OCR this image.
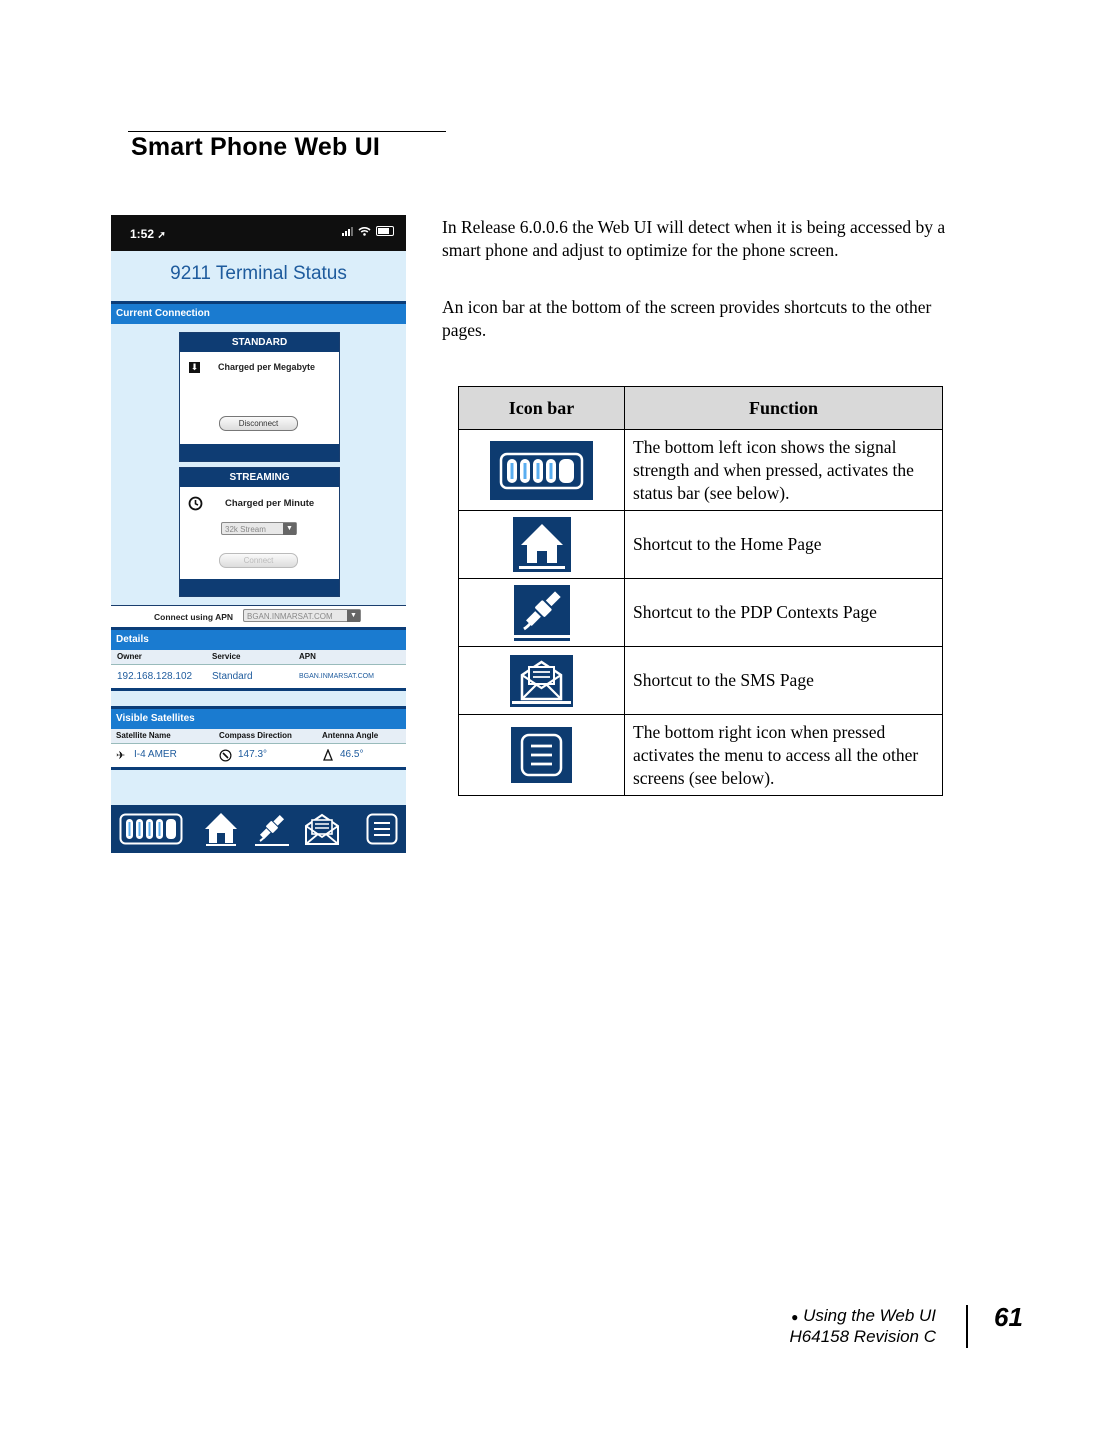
Smart Phone Web UI
1:52 ➚
9211 Terminal Status
Current Connection
STANDARD
⬇ Charged per Megabyte
Disconnect
STREAMING
Charged per Minute
32k Stream	▼
Connect
Connect using APN	BGAN.INMARSAT.COM	▼
Details
Owner	Service	APN
192.168.128.102 Standard	BGAN.INMARSAT.COM
Visible Satellites
Satellite Name	Compass Direction	Antenna Angle
✈ I-4 AMER	147.3°	46.5°
In Release 6.0.0.6 the Web UI will detect when it is being accessed by a smart phone and adjust to optimize for the phone screen.
An icon bar at the bottom of the screen provides shortcuts to the other pages.
Icon bar	Function
	The bottom left icon shows the signal strength and when pressed, activates the status bar (see below).
	Shortcut to the Home Page
	Shortcut to the PDP Contexts Page
	Shortcut to the SMS Page
	The bottom right icon when pressed activates the menu to access all the other screens (see below).
● Using the Web UI
H64158 Revision C
61
